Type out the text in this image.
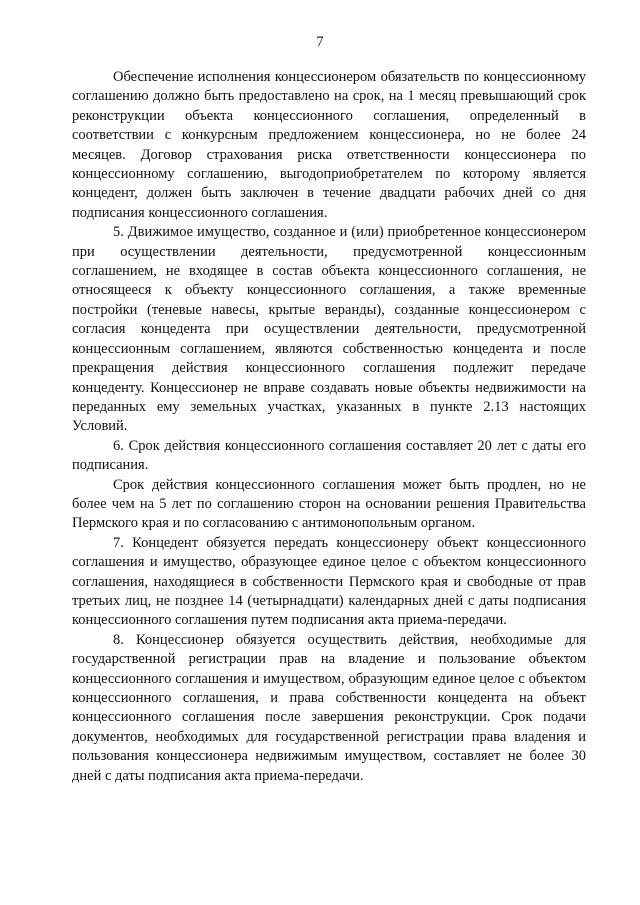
7

Обеспечение исполнения концессионером обязательств по концессионному соглашению должно быть предоставлено на срок, на 1 месяц превышающий срок реконструкции объекта концессионного соглашения, определенный в соответствии с конкурсным предложением концессионера, но не более 24 месяцев. Договор страхования риска ответственности концессионера по концессионному соглашению, выгодоприобретателем по которому является концедент, должен быть заключен в течение двадцати рабочих дней со дня подписания концессионного соглашения.

5. Движимое имущество, созданное и (или) приобретенное концессионером при осуществлении деятельности, предусмотренной концессионным соглашением, не входящее в состав объекта концессионного соглашения, не относящееся к объекту концессионного соглашения, а также временные постройки (теневые навесы, крытые веранды), созданные концессионером с согласия концедента при осуществлении деятельности, предусмотренной концессионным соглашением, являются собственностью концедента и после прекращения действия концессионного соглашения подлежит передаче концеденту. Концессионер не вправе создавать новые объекты недвижимости на переданных ему земельных участках, указанных в пункте 2.13 настоящих Условий.

6. Срок действия концессионного соглашения составляет 20 лет с даты его подписания.

Срок действия концессионного соглашения может быть продлен, но не более чем на 5 лет по соглашению сторон на основании решения Правительства Пермского края и по согласованию с антимонопольным органом.

7. Концедент обязуется передать концессионеру объект концессионного соглашения и имущество, образующее единое целое с объектом концессионного соглашения, находящиеся в собственности Пермского края и свободные от прав третьих лиц, не позднее 14 (четырнадцати) календарных дней с даты подписания концессионного соглашения путем подписания акта приема-передачи.

8. Концессионер обязуется осуществить действия, необходимые для государственной регистрации прав на владение и пользование объектом концессионного соглашения и имуществом, образующим единое целое с объектом концессионного соглашения, и права собственности концедента на объект концессионного соглашения после завершения реконструкции. Срок подачи документов, необходимых для государственной регистрации права владения и пользования концессионера недвижимым имуществом, составляет не более 30 дней с даты подписания акта приема-передачи.
